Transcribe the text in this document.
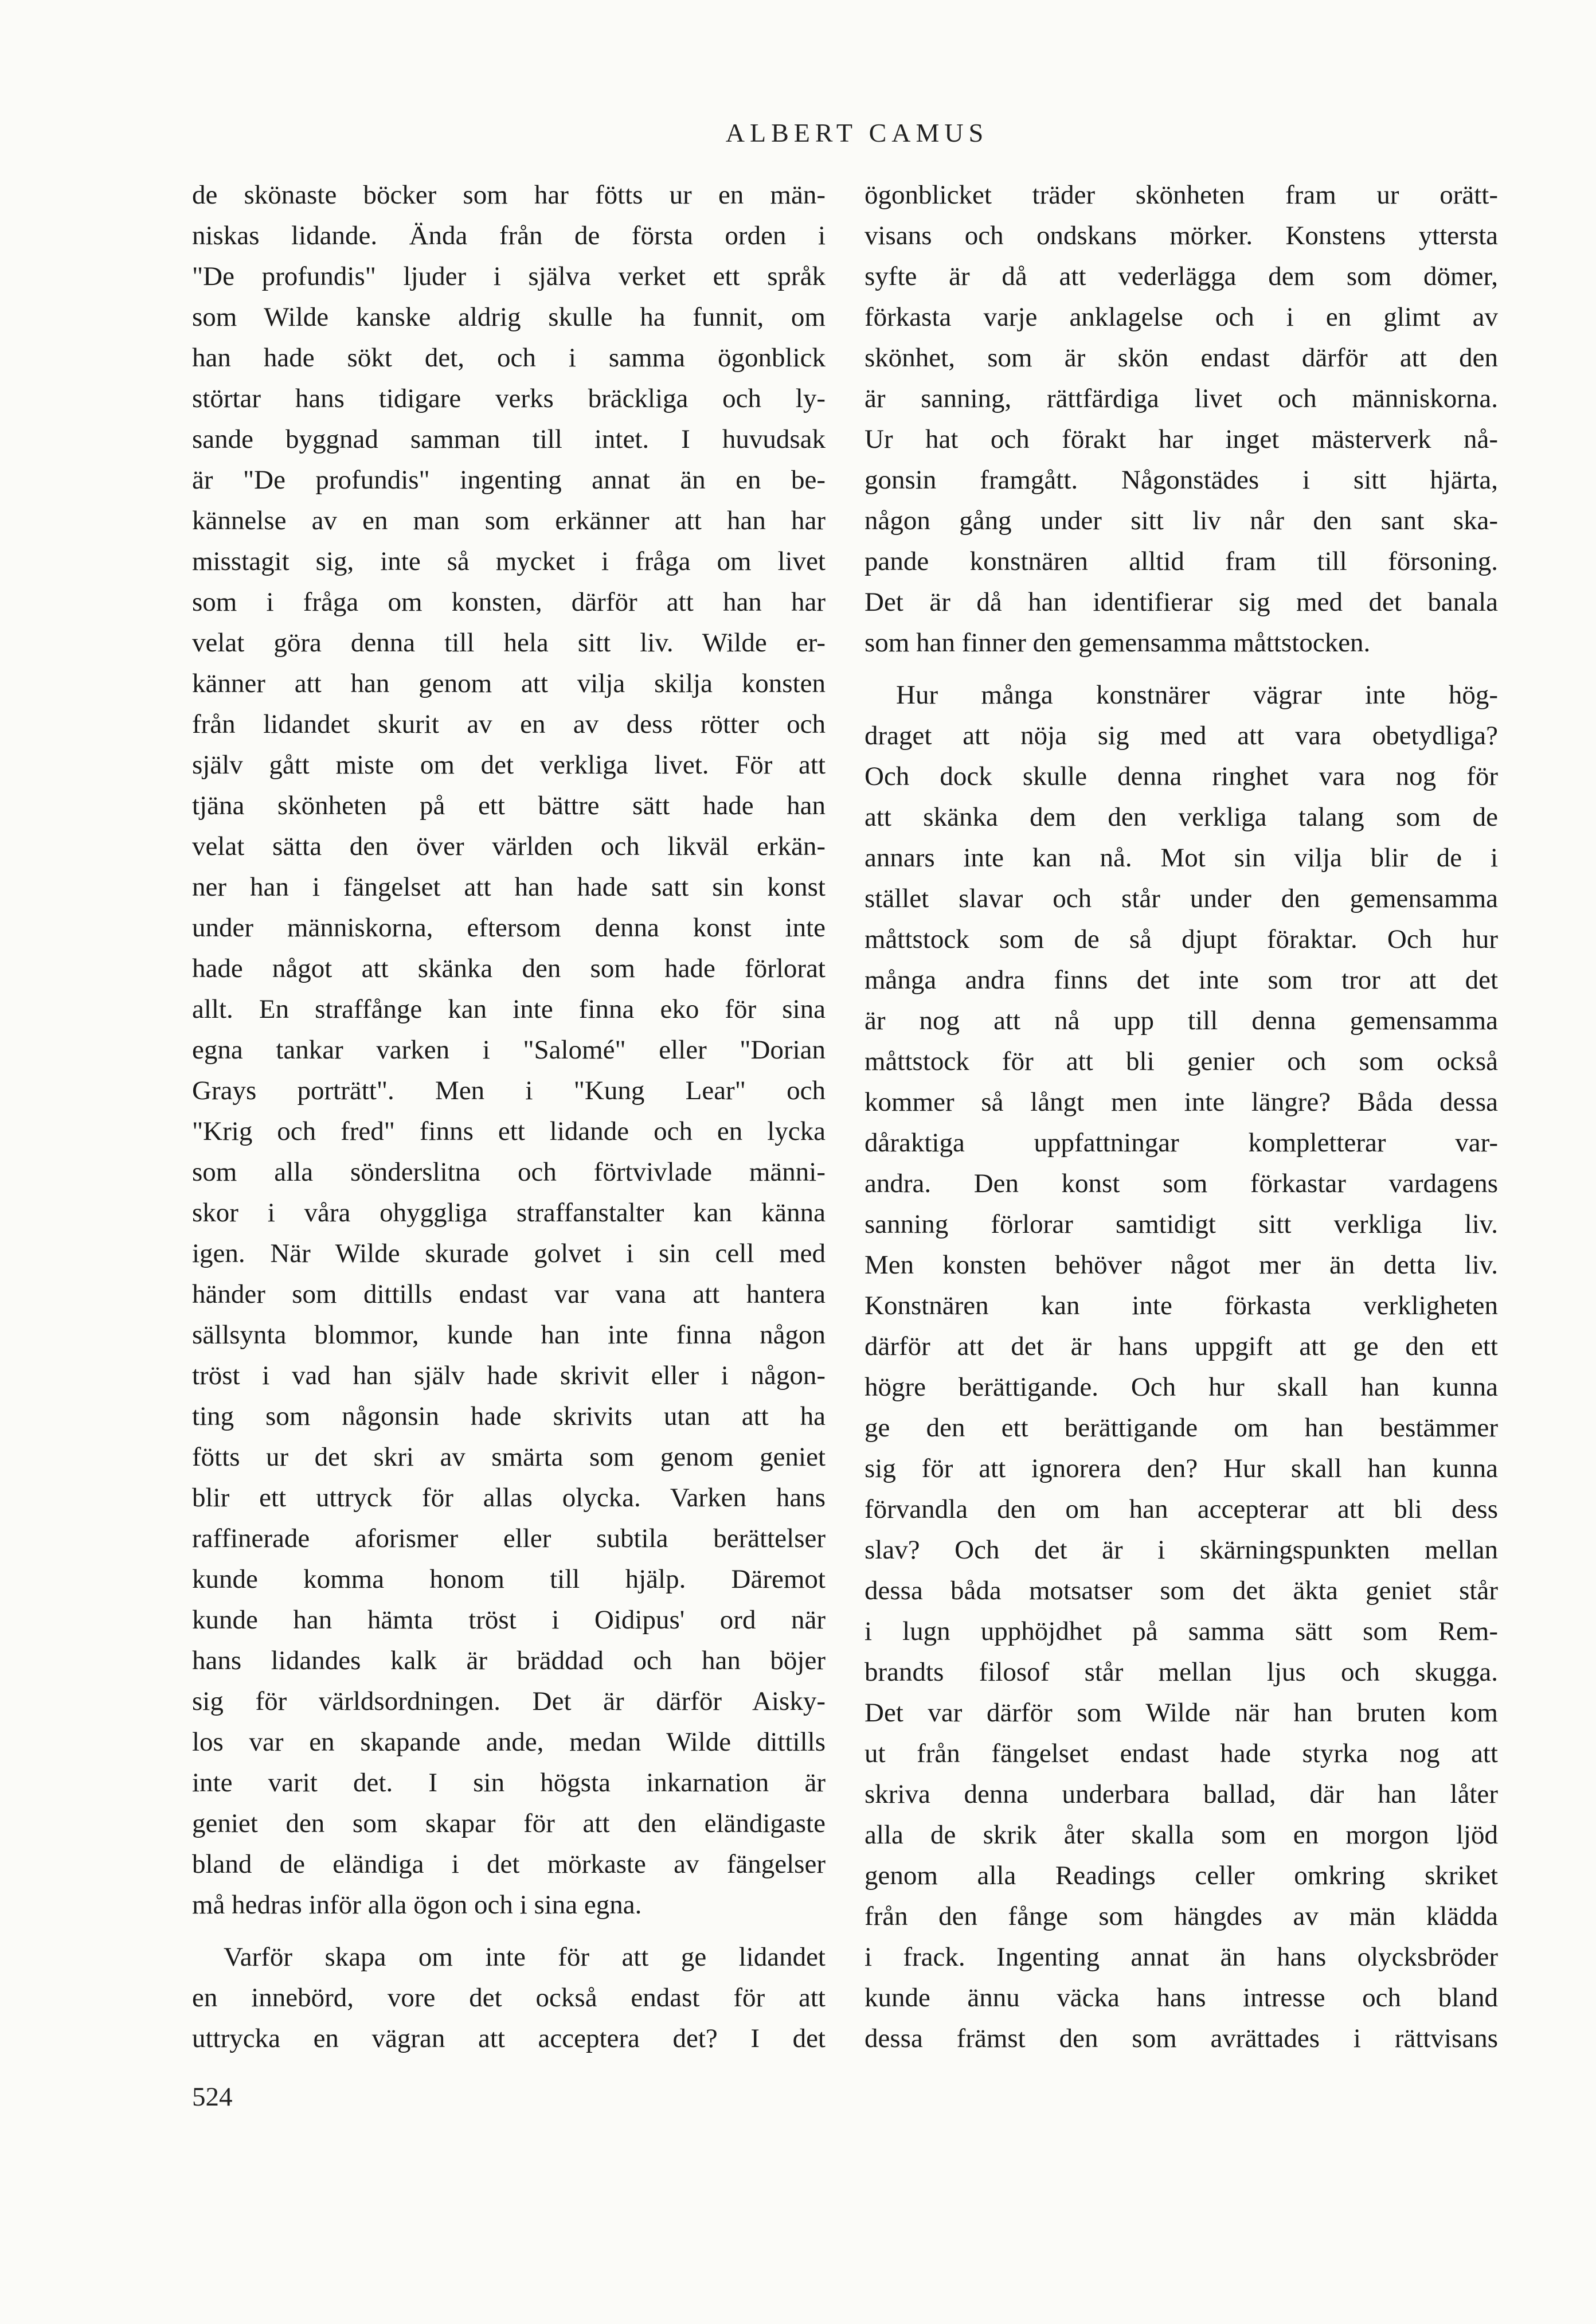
ALBERT CAMUS
de skönaste böcker som har fötts ur en män-
niskas lidande. Ända från de första orden i
"De profundis" ljuder i själva verket ett språk
som Wilde kanske aldrig skulle ha funnit, om
han hade sökt det, och i samma ögonblick
störtar hans tidigare verks bräckliga och ly-
sande byggnad samman till intet. I huvudsak
är "De profundis" ingenting annat än en be-
kännelse av en man som erkänner att han har
misstagit sig, inte så mycket i fråga om livet
som i fråga om konsten, därför att han har
velat göra denna till hela sitt liv. Wilde er-
känner att han genom att vilja skilja konsten
från lidandet skurit av en av dess rötter och
själv gått miste om det verkliga livet. För att
tjäna skönheten på ett bättre sätt hade han
velat sätta den över världen och likväl erkän-
ner han i fängelset att han hade satt sin konst
under människorna, eftersom denna konst inte
hade något att skänka den som hade förlorat
allt. En straffånge kan inte finna eko för sina
egna tankar varken i "Salomé" eller "Dorian
Grays porträtt". Men i "Kung Lear" och
"Krig och fred" finns ett lidande och en lycka
som alla sönderslitna och förtvivlade männi-
skor i våra ohyggliga straffanstalter kan känna
igen. När Wilde skurade golvet i sin cell med
händer som dittills endast var vana att hantera
sällsynta blommor, kunde han inte finna någon
tröst i vad han själv hade skrivit eller i någon-
ting som någonsin hade skrivits utan att ha
fötts ur det skri av smärta som genom geniet
blir ett uttryck för allas olycka. Varken hans
raffinerade aforismer eller subtila berättelser
kunde komma honom till hjälp. Däremot
kunde han hämta tröst i Oidipus' ord när
hans lidandes kalk är bräddad och han böjer
sig för världsordningen. Det är därför Aisky-
los var en skapande ande, medan Wilde dittills
inte varit det. I sin högsta inkarnation är
geniet den som skapar för att den eländigaste
bland de eländiga i det mörkaste av fängelser
må hedras inför alla ögon och i sina egna.
Varför skapa om inte för att ge lidandet
en innebörd, vore det också endast för att
uttrycka en vägran att acceptera det? I det
ögonblicket träder skönheten fram ur orätt-
visans och ondskans mörker. Konstens yttersta
syfte är då att vederlägga dem som dömer,
förkasta varje anklagelse och i en glimt av
skönhet, som är skön endast därför att den
är sanning, rättfärdiga livet och människorna.
Ur hat och förakt har inget mästerverk nå-
gonsin framgått. Någonstädes i sitt hjärta,
någon gång under sitt liv når den sant ska-
pande konstnären alltid fram till försoning.
Det är då han identifierar sig med det banala
som han finner den gemensamma måttstocken.
Hur många konstnärer vägrar inte hög-
draget att nöja sig med att vara obetydliga?
Och dock skulle denna ringhet vara nog för
att skänka dem den verkliga talang som de
annars inte kan nå. Mot sin vilja blir de i
stället slavar och står under den gemensamma
måttstock som de så djupt föraktar. Och hur
många andra finns det inte som tror att det
är nog att nå upp till denna gemensamma
måttstock för att bli genier och som också
kommer så långt men inte längre? Båda dessa
dåraktiga uppfattningar kompletterar var-
andra. Den konst som förkastar vardagens
sanning förlorar samtidigt sitt verkliga liv.
Men konsten behöver något mer än detta liv.
Konstnären kan inte förkasta verkligheten
därför att det är hans uppgift att ge den ett
högre berättigande. Och hur skall han kunna
ge den ett berättigande om han bestämmer
sig för att ignorera den? Hur skall han kunna
förvandla den om han accepterar att bli dess
slav? Och det är i skärningspunkten mellan
dessa båda motsatser som det äkta geniet står
i lugn upphöjdhet på samma sätt som Rem-
brandts filosof står mellan ljus och skugga.
Det var därför som Wilde när han bruten kom
ut från fängelset endast hade styrka nog att
skriva denna underbara ballad, där han låter
alla de skrik åter skalla som en morgon ljöd
genom alla Readings celler omkring skriket
från den fånge som hängdes av män klädda
i frack. Ingenting annat än hans olycksbröder
kunde ännu väcka hans intresse och bland
dessa främst den som avrättades i rättvisans
524
